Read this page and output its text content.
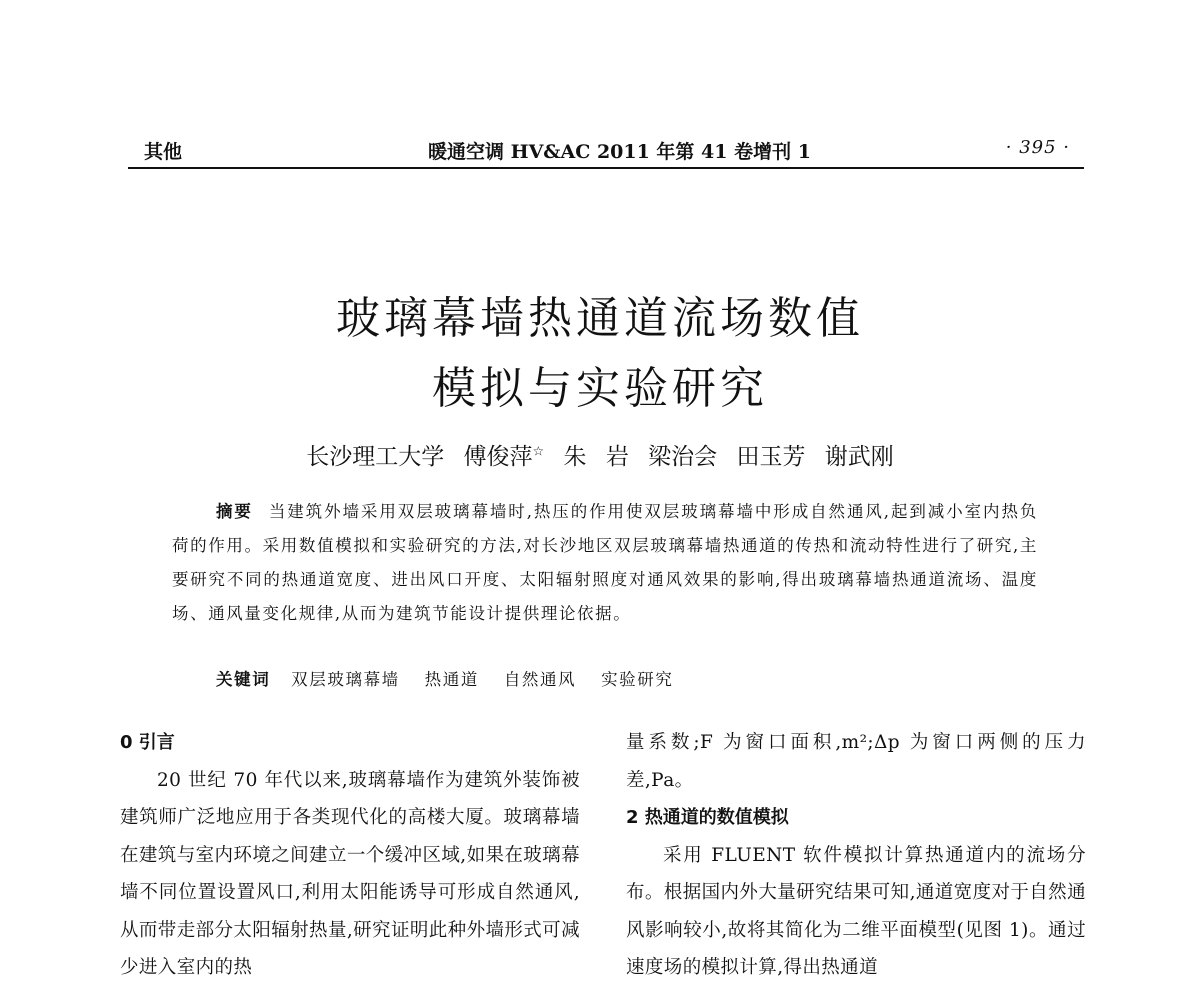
其他	暖通空调 HV&AC 2011 年第 41 卷增刊 1	· 395 ·
玻璃幕墙热通道流场数值
模拟与实验研究
长沙理工大学 傅俊萍☆ 朱 岩 梁治会 田玉芳 谢武刚
摘要 当建筑外墙采用双层玻璃幕墙时,热压的作用使双层玻璃幕墙中形成自然通风,起到减小室内热负荷的作用。采用数值模拟和实验研究的方法,对长沙地区双层玻璃幕墙热通道的传热和流动特性进行了研究,主要研究不同的热通道宽度、进出风口开度、太阳辐射照度对通风效果的影响,得出玻璃幕墙热通道流场、温度场、通风量变化规律,从而为建筑节能设计提供理论依据。
关键词 双层玻璃幕墙 热通道 自然通风 实验研究
0 引言
20 世纪 70 年代以来,玻璃幕墙作为建筑外装饰被建筑师广泛地应用于各类现代化的高楼大厦。玻璃幕墙在建筑与室内环境之间建立一个缓冲区域,如果在玻璃幕墙不同位置设置风口,利用太阳能诱导可形成自然通风,从而带走部分太阳辐射热量,研究证明此种外墙形式可减少进入室内的热
量系数;F 为窗口面积,m²;Δp 为窗口两侧的压力差,Pa。
2 热通道的数值模拟
采用 FLUENT 软件模拟计算热通道内的流场分布。根据国内外大量研究结果可知,通道宽度对于自然通风影响较小,故将其简化为二维平面模型(见图 1)。通过速度场的模拟计算,得出热通道
